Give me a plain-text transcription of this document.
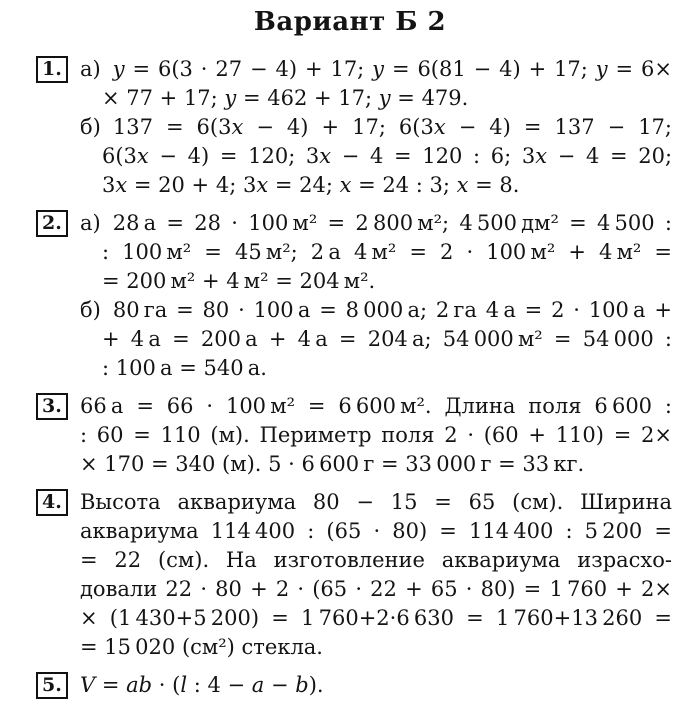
Вариант Б 2
1. а) y = 6(3 · 27 − 4) + 17; y = 6(81 − 4) + 17; y = 6×
× 77 + 17; y = 462 + 17; y = 479.
б) 137 = 6(3x − 4) + 17; 6(3x − 4) = 137 − 17;
6(3x − 4) = 120; 3x − 4 = 120 : 6; 3x − 4 = 20;
3x = 20 + 4; 3x = 24; x = 24 : 3; x = 8.
2. а) 28 а = 28 · 100 м² = 2 800 м²; 4 500 дм² = 4 500 :
: 100 м² = 45 м²; 2 а 4 м² = 2 · 100 м² + 4 м² =
= 200 м² + 4 м² = 204 м².
б) 80 га = 80 · 100 а = 8 000 а; 2 га 4 а = 2 · 100 а +
+ 4 а = 200 а + 4 а = 204 а; 54 000 м² = 54 000 :
: 100 а = 540 а.
3. 66 а = 66 · 100 м² = 6 600 м². Длина поля 6 600 :
: 60 = 110 (м). Периметр поля 2 · (60 + 110) = 2×
× 170 = 340 (м). 5 · 6 600 г = 33 000 г = 33 кг.
4. Высота аквариума 80 − 15 = 65 (см). Ширина
аквариума 114 400 : (65 · 80) = 114 400 : 5 200 =
= 22 (см). На изготовление аквариума израсхо-
довали 22 · 80 + 2 · (65 · 22 + 65 · 80) = 1 760 + 2×
× (1 430+5 200) = 1 760+2·6 630 = 1 760+13 260 =
= 15 020 (см²) стекла.
5. V = ab · (l : 4 − a − b).
